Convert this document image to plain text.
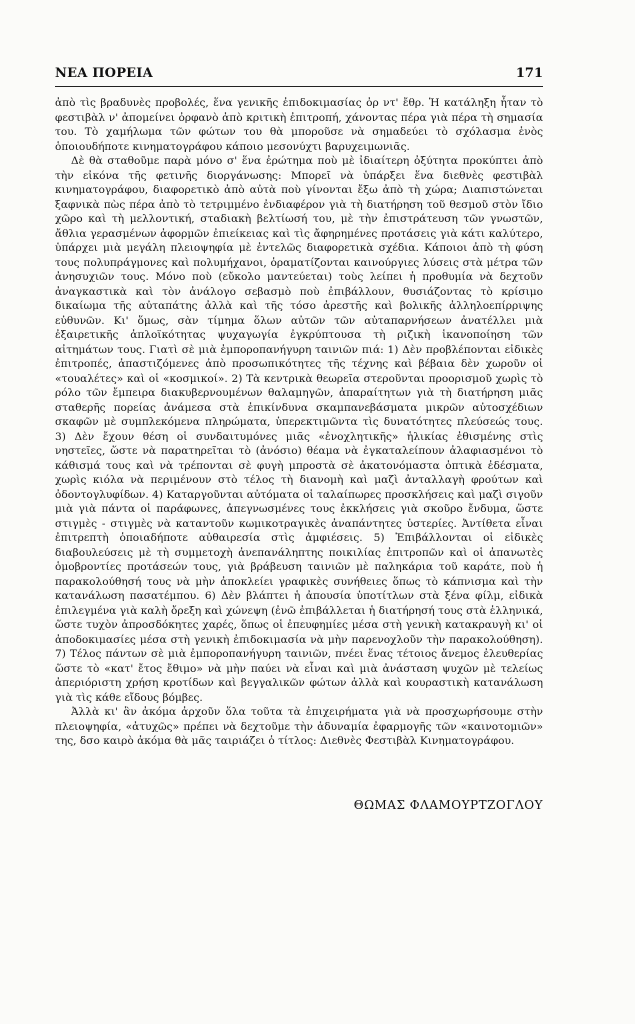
ΝΕΑ ΠΟΡΕΙΑ	171

ἀπὸ τὶς βραδυνὲς προβολές, ἕνα γενικῆς ἐπιδοκιμασίας ὀρ ντ' ἔθρ. Ἡ κατάληξη ἦταν τὸ φεστιβὰλ ν' ἀπομείνει ὀρφανὸ ἀπὸ κριτικὴ ἐπιτροπή, χάνοντας πέρα γιὰ πέρα τὴ σημασία του. Τὸ χαμήλωμα τῶν φώτων του θὰ μποροῦσε νὰ σημαδεύει τὸ σχόλασμα ἑνὸς ὁποιουδήποτε κινηματογράφου κάποιο μεσονύχτι βαρυχειμωνιᾶς.

Δὲ θὰ σταθοῦμε παρὰ μόνο σ' ἕνα ἐρώτημα ποὺ μὲ ἰδιαίτερη ὀξύτητα προκύπτει ἀπὸ τὴν εἰκόνα τῆς φετινῆς διοργάνωσης: Μπορεῖ νὰ ὑπάρξει ἕνα διεθνὲς φεστιβὰλ κινηματογράφου, διαφορετικὸ ἀπὸ αὐτὰ ποὺ γίνονται ἔξω ἀπὸ τὴ χώρα; Διαπιστώνεται ξαφνικὰ πὼς πέρα ἀπὸ τὸ τετριμμένο ἐνδιαφέρον γιὰ τὴ διατήρηση τοῦ θεσμοῦ στὸν ἴδιο χῶρο καὶ τὴ μελλοντική, σταδιακὴ βελτίωσή του, μὲ τὴν ἐπιστράτευση τῶν γνωστῶν, ἄθλια γερασμένων ἀφορμῶν ἐπιείκειας καὶ τὶς ἄφηρημένες προτάσεις γιὰ κάτι καλύτερο, ὑπάρχει μιὰ μεγάλη πλειοψηφία μὲ ἐντελῶς διαφορετικὰ σχέδια. Κάποιοι ἀπὸ τὴ φύση τους πολυπράγμονες καὶ πολυμήχανοι, ὁραματίζονται καινούργιες λύσεις στὰ μέτρα τῶν ἀνησυχιῶν τους. Μόνο ποὺ (εὔκολο μαντεύεται) τοὺς λείπει ἡ προθυμία νὰ δεχτοῦν ἀναγκαστικὰ καὶ τὸν ἀνάλογο σεβασμὸ ποὺ ἐπιβάλλουν, θυσιάζοντας τὸ κρίσιμο δικαίωμα τῆς αὐταπάτης ἀλλὰ καὶ τῆς τόσο ἀρεστῆς καὶ βολικῆς ἀλληλοεπίρριψης εὐθυνῶν. Κι' ὅμως, σὰν τίμημα ὅλων αὐτῶν τῶν αὐταπαρνήσεων ἀνατέλλει μιὰ ἐξαιρετικῆς ἁπλοϊκότητας ψυχαγωγία ἐγκρύπτουσα τὴ ριζικὴ ἱκανοποίηση τῶν αἰτημάτων τους. Γιατὶ σὲ μιὰ ἐμποροπανήγυρη ταινιῶν πιά: 1) Δὲν προβλέπονται εἰδικὲς ἐπιτροπές, ἀπαστιζόμενες ἀπὸ προσωπικότητες τῆς τέχνης καὶ βέβαια δὲν χωροῦν οἱ «τουαλέτες» καὶ οἱ «κοσμικοί». 2) Τὰ κεντρικὰ θεωρεῖα στεροῦνται προορισμοῦ χωρὶς τὸ ρόλο τῶν ἔμπειρα διακυβερνουμένων θαλαμηγῶν, ἀπαραίτητων γιὰ τὴ διατήρηση μιᾶς σταθερῆς πορείας ἀνάμεσα στὰ ἐπικίνδυνα σκαμπανεβάσματα μικρῶν αὐτοσχέδιων σκαφῶν μὲ συμπλεκόμενα πληρώματα, ὑπερεκτιμῶντα τὶς δυνατότητες πλεύσεώς τους. 3) Δὲν ἔχουν θέση οἱ συνδαιτυμόνες μιᾶς «ἐνοχλητικῆς» ἡλικίας ἐθισμένης στὶς νηστεῖες, ὥστε νὰ παρατηρεῖται τὸ (ἀνόσιο) θέαμα νὰ ἐγκαταλείπουν ἀλαφιασμένοι τὸ κάθισμά τους καὶ νὰ τρέπονται σὲ φυγὴ μπροστὰ σὲ ἀκατονόμαστα ὀπτικὰ ἐδέσματα, χωρὶς κιόλα νὰ περιμένουν στὸ τέλος τὴ διανομὴ καὶ μαζὶ ἀνταλλαγὴ φρούτων καὶ ὀδοντογλυφίδων. 4) Καταργοῦνται αὐτόματα οἱ ταλαίπωρες προσκλήσεις καὶ μαζὶ σιγοῦν μιὰ γιὰ πάντα οἱ παράφωνες, ἀπεγνωσμένες τους ἐκκλήσεις γιὰ σκοῦρο ἔνδυμα, ὥστε στιγμὲς - στιγμὲς νὰ καταντοῦν κωμικοτραγικὲς ἀναπάντητες ὑστερίες. Ἀντίθετα εἶναι ἐπιτρεπτὴ ὁποιαδήποτε αὐθαιρεσία στὶς ἀμφιέσεις. 5) Ἐπιβάλλονται οἱ εἰδικὲς διαβουλεύσεις μὲ τὴ συμμετοχὴ ἀνεπανάληπτης ποικιλίας ἐπιτροπῶν καὶ οἱ ἀπανωτὲς ὁμοβροντίες προτάσεών τους, γιὰ βράβευση ταινιῶν μὲ παληκάρια τοῦ καράτε, ποὺ ἡ παρακολούθησή τους νὰ μὴν ἀποκλείει γραφικὲς συνήθειες ὅπως τὸ κάπνισμα καὶ τὴν κατανάλωση πασατέμπου. 6) Δὲν βλάπτει ἡ ἀπουσία ὑποτίτλων στὰ ξένα φίλμ, εἰδικὰ ἐπιλεγμένα γιὰ καλὴ ὄρεξη καὶ χώνεψη (ἐνῶ ἐπιβάλλεται ἡ διατήρησή τους στὰ ἑλληνικά, ὥστε τυχὸν ἀπροσδόκητες χαρές, ὅπως οἱ ἐπευφημίες μέσα στὴ γενικὴ κατακραυγὴ κι' οἱ ἀποδοκιμασίες μέσα στὴ γενικὴ ἐπιδοκιμασία νὰ μὴν παρενοχλοῦν τὴν παρακολούθηση). 7) Τέλος πάντων σὲ μιὰ ἐμποροπανήγυρη ταινιῶν, πνέει ἕνας τέτοιος ἄνεμος ἐλευθερίας ὥστε τὸ «κατ' ἔτος ἔθιμο» νὰ μὴν παύει νὰ εἶναι καὶ μιὰ ἀνάσταση ψυχῶν μὲ τελείως ἀπεριόριστη χρήση κροτίδων καὶ βεγγαλικῶν φώτων ἀλλὰ καὶ κουραστικὴ κατανάλωση γιὰ τὶς κάθε εἴδους βόμβες.

Ἀλλὰ κι' ἂν ἀκόμα ἀρχοῦν ὅλα τοῦτα τὰ ἐπιχειρήματα γιὰ νὰ προσχωρήσουμε στὴν πλειοψηφία, «ἀτυχῶς» πρέπει νὰ δεχτοῦμε τὴν ἀδυναμία ἐφαρμογῆς τῶν «καινοτομιῶν» της, δσο καιρὸ ἀκόμα θὰ μᾶς ταιριάζει ὁ τίτλος: Διεθνὲς Φεστιβὰλ Κινηματογράφου.

ΘΩΜΑΣ ΦΛΑΜΟΥΡΤΖΟΓΛΟΥ
